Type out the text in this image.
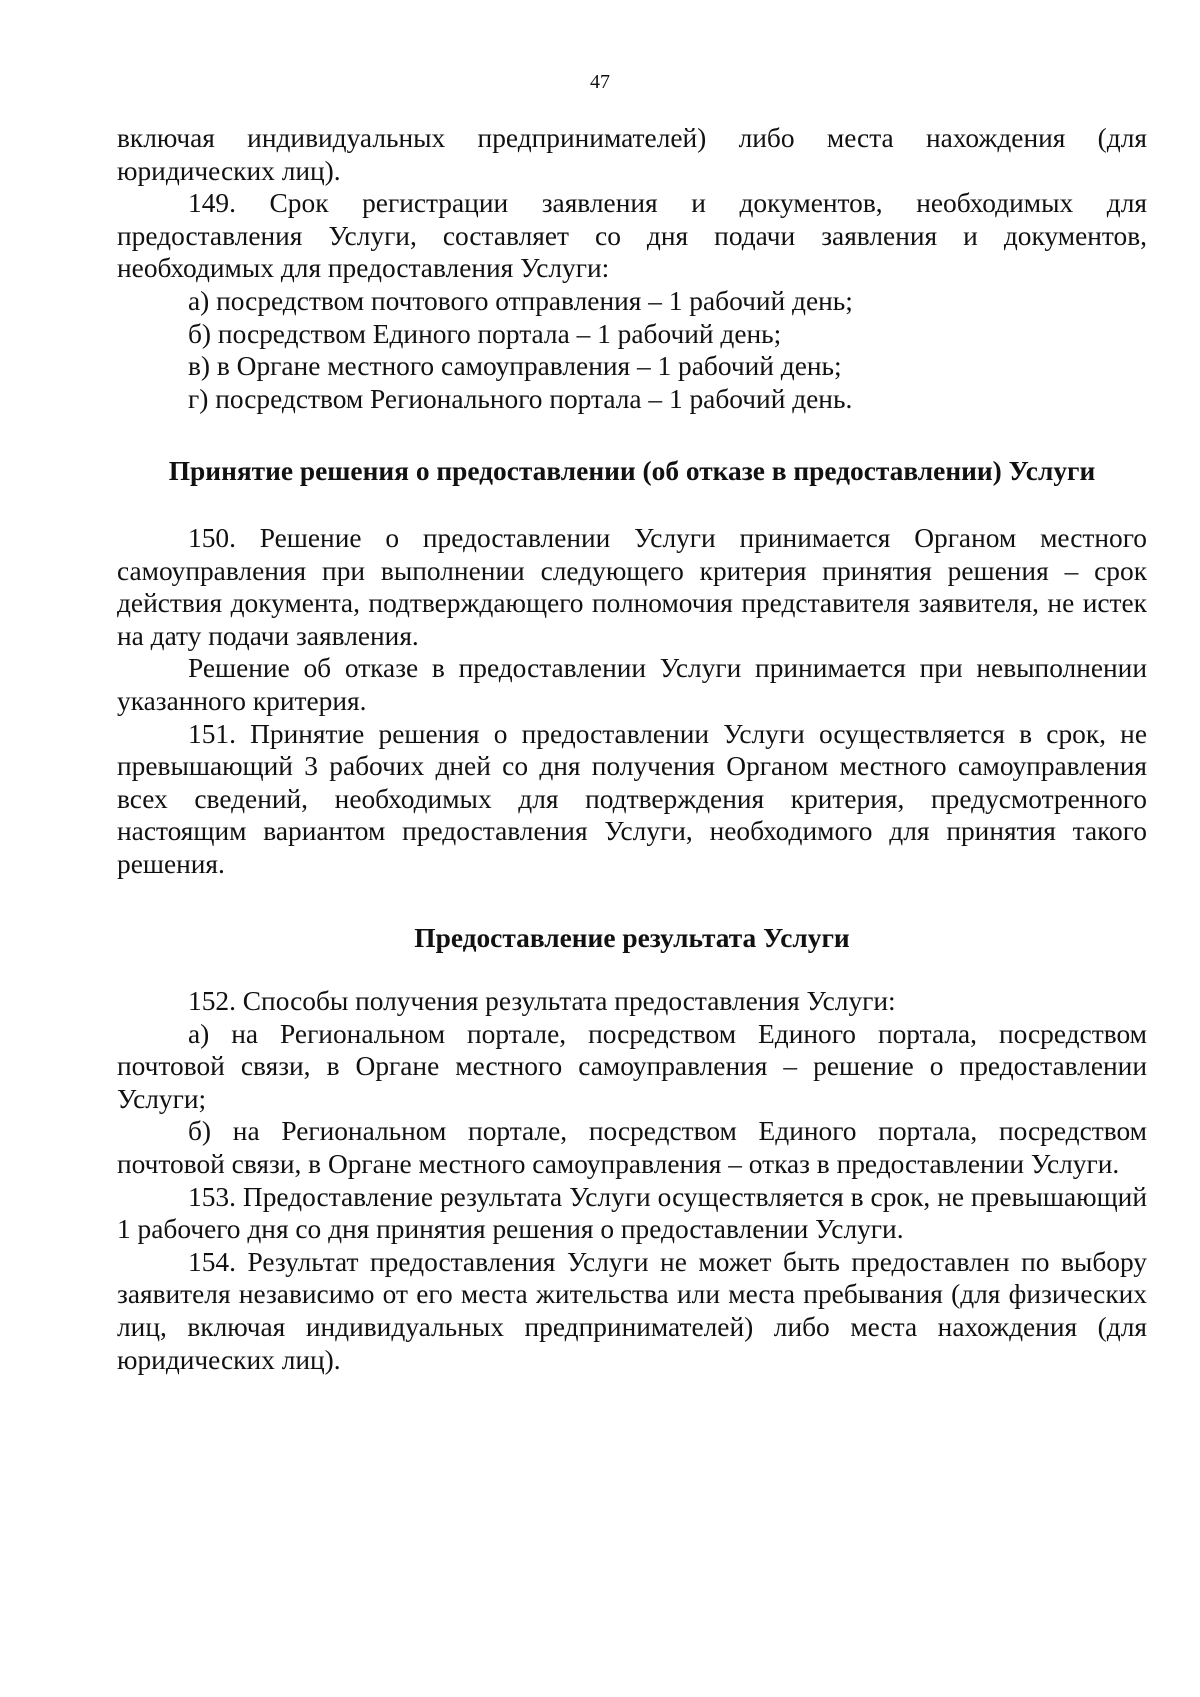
47

включая индивидуальных предпринимателей) либо места нахождения (для юридических лиц).

149. Срок регистрации заявления и документов, необходимых для предоставления Услуги, составляет со дня подачи заявления и документов, необходимых для предоставления Услуги:

а) посредством почтового отправления – 1 рабочий день;

б) посредством Единого портала – 1 рабочий день;

в) в Органе местного самоуправления – 1 рабочий день;

г) посредством Регионального портала – 1 рабочий день.

Принятие решения о предоставлении (об отказе в предоставлении) Услуги

150. Решение о предоставлении Услуги принимается Органом местного самоуправления при выполнении следующего критерия принятия решения – срок действия документа, подтверждающего полномочия представителя заявителя, не истек на дату подачи заявления.

Решение об отказе в предоставлении Услуги принимается при невыполнении указанного критерия.

151. Принятие решения о предоставлении Услуги осуществляется в срок, не превышающий 3 рабочих дней со дня получения Органом местного самоуправления всех сведений, необходимых для подтверждения критерия, предусмотренного настоящим вариантом предоставления Услуги, необходимого для принятия такого решения.

Предоставление результата Услуги

152. Способы получения результата предоставления Услуги:

а) на Региональном портале, посредством Единого портала, посредством почтовой связи, в Органе местного самоуправления – решение о предоставлении Услуги;

б) на Региональном портале, посредством Единого портала, посредством почтовой связи, в Органе местного самоуправления – отказ в предоставлении Услуги.

153. Предоставление результата Услуги осуществляется в срок, не превышающий 1 рабочего дня со дня принятия решения о предоставлении Услуги.

154. Результат предоставления Услуги не может быть предоставлен по выбору заявителя независимо от его места жительства или места пребывания (для физических лиц, включая индивидуальных предпринимателей) либо места нахождения (для юридических лиц).
